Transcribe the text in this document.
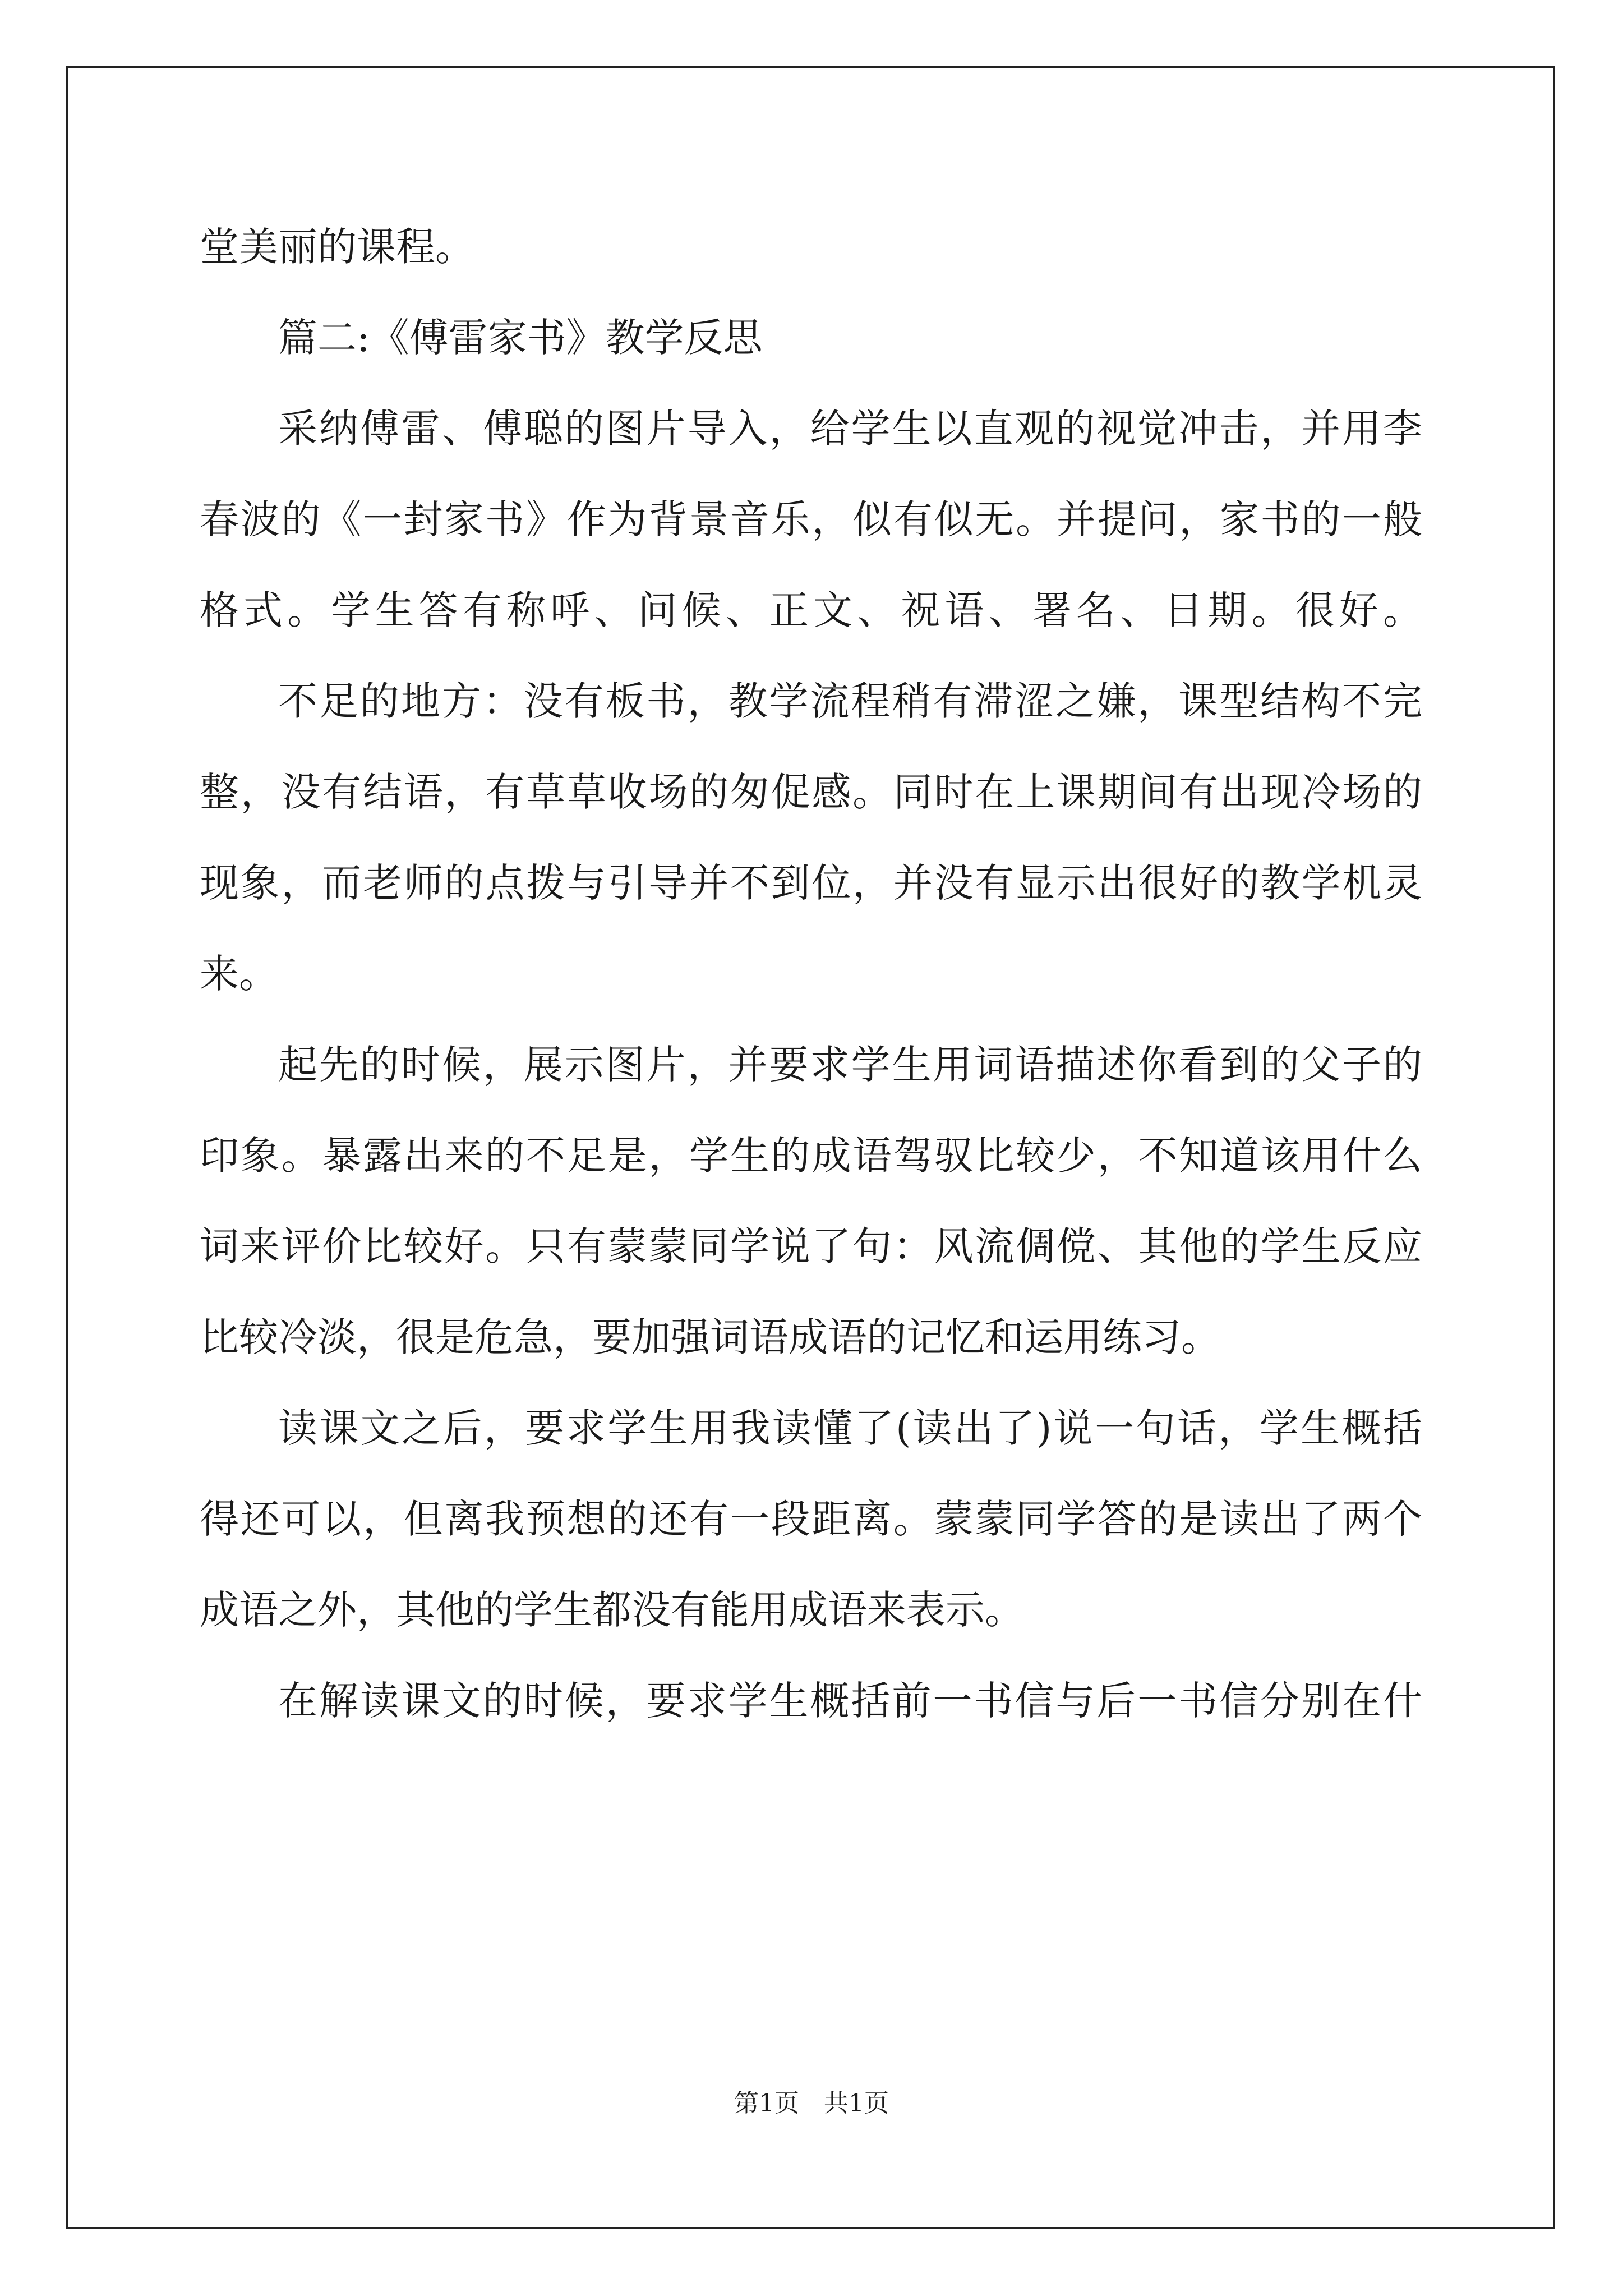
堂美丽的课程。
篇二:《傅雷家书》教学反思
采纳傅雷、傅聪的图片导入，给学生以直观的视觉冲击，并用李
春波的《一封家书》作为背景音乐，似有似无。并提问，家书的一般
格式。学生答有称呼、问候、正文、祝语、署名、日期。很好。
不足的地方：没有板书，教学流程稍有滞涩之嫌，课型结构不完
整，没有结语，有草草收场的匆促感。同时在上课期间有出现冷场的
现象，而老师的点拨与引导并不到位，并没有显示出很好的教学机灵
来。
起先的时候，展示图片，并要求学生用词语描述你看到的父子的
印象。暴露出来的不足是，学生的成语驾驭比较少，不知道该用什么
词来评价比较好。只有蒙蒙同学说了句：风流倜傥、其他的学生反应
比较冷淡，很是危急，要加强词语成语的记忆和运用练习。
读课文之后，要求学生用我读懂了(读出了)说一句话，学生概括
得还可以，但离我预想的还有一段距离。蒙蒙同学答的是读出了两个
成语之外，其他的学生都没有能用成语来表示。
在解读课文的时候，要求学生概括前一书信与后一书信分别在什
第1页　共1页
